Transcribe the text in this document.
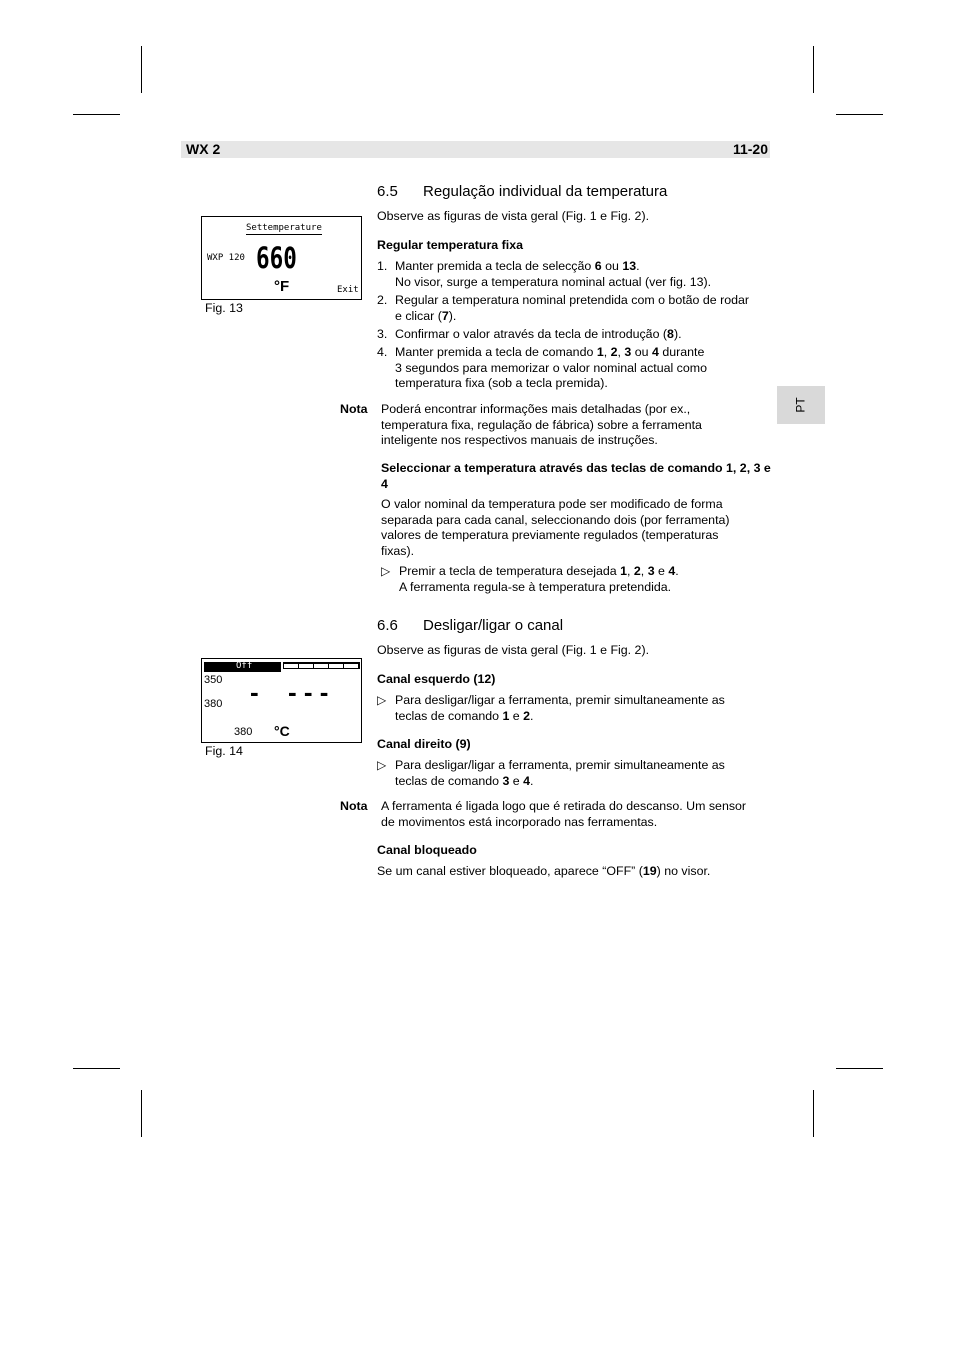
WX 2	11-20
PT
6.5 Regulação individual da temperatura
Observe as figuras de vista geral (Fig. 1 e Fig. 2).
Regular temperatura fixa
1. Manter premida a tecla de selecção 6 ou 13.
No visor, surge a temperatura nominal actual (ver fig. 13).
2. Regular a temperatura nominal pretendida com o botão de rodar
e clicar (7).
3. Confirmar o valor através da tecla de introdução (8).
4. Manter premida a tecla de comando 1, 2, 3 ou 4 durante
3 segundos para memorizar o valor nominal actual como
temperatura fixa (sob a tecla premida).
Nota Poderá encontrar informações mais detalhadas (por ex.,
temperatura fixa, regulação de fábrica) sobre a ferramenta
inteligente nos respectivos manuais de instruções.
Seleccionar a temperatura através das teclas de comando 1, 2, 3 e
4
O valor nominal da temperatura pode ser modificado de forma
separada para cada canal, seleccionando dois (por ferramenta)
valores de temperatura previamente regulados (temperaturas
fixas).
▷ Premir a tecla de temperatura desejada 1, 2, 3 e 4.
A ferramenta regula-se à temperatura pretendida.
Settemperature
WXP 120 660
°F	Exit
Fig. 13
6.6 Desligar/ligar o canal
Observe as figuras de vista geral (Fig. 1 e Fig. 2).
Canal esquerdo (12)
▷ Para desligar/ligar a ferramenta, premir simultaneamente as
teclas de comando 1 e 2.
Canal direito (9)
▷ Para desligar/ligar a ferramenta, premir simultaneamente as
teclas de comando 3 e 4.
Nota A ferramenta é ligada logo que é retirada do descanso. Um sensor
de movimentos está incorporado nas ferramentas.
Canal bloqueado
Se um canal estiver bloqueado, aparece “OFF” (19) no visor.
Off
350
380 - - - -
380 °C
Fig. 14
